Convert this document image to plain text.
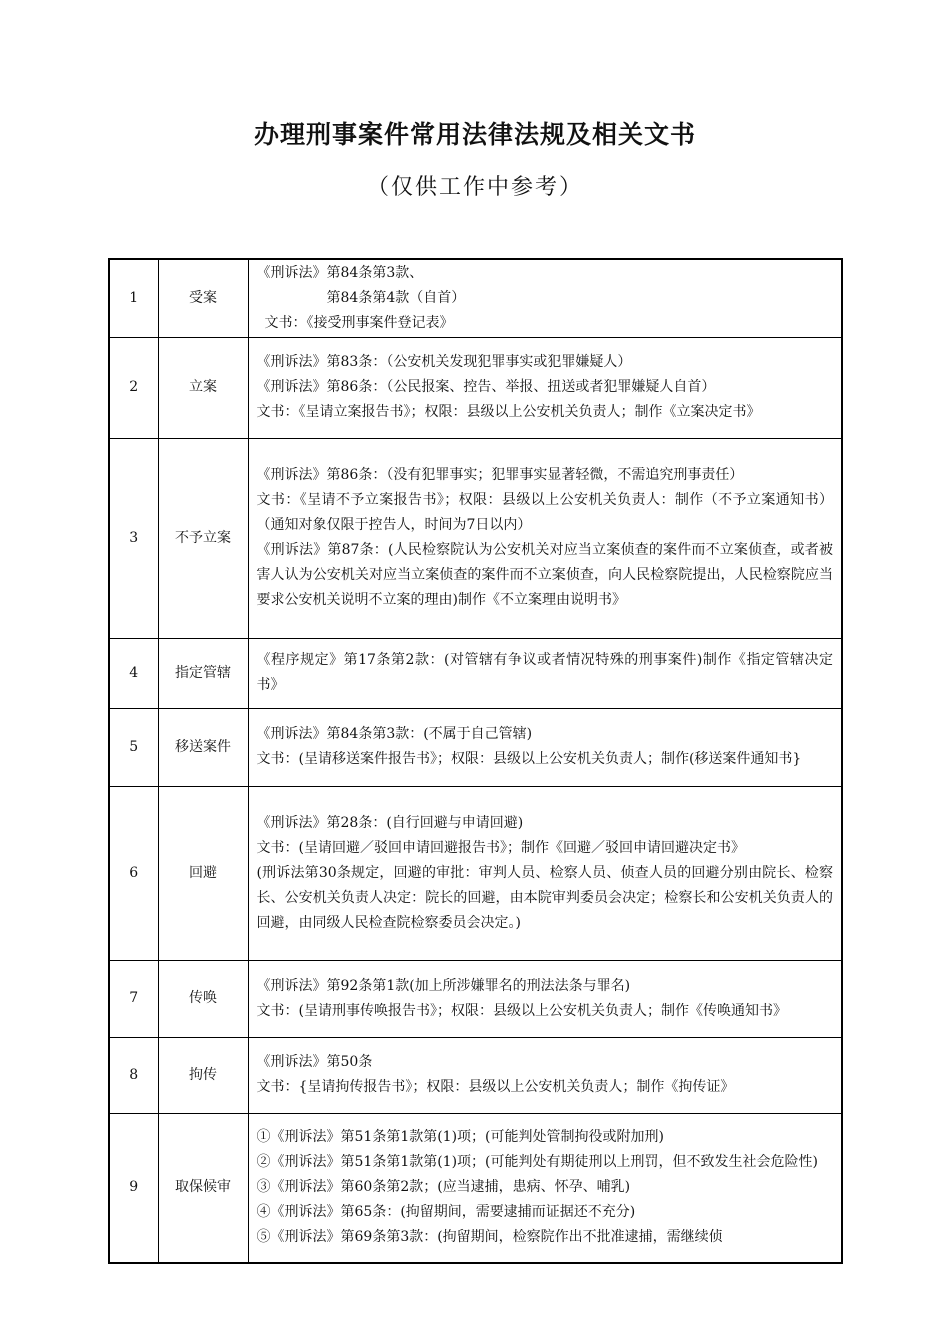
办理刑事案件常用法律法规及相关文书
（仅供工作中参考）
1	受案	《刑诉法》第84条第3款、
第84条第4款（自首）
文书：《接受刑事案件登记表》

2	立案	《刑诉法》第83条：（公安机关发现犯罪事实或犯罪嫌疑人）
《刑诉法》第86条：（公民报案、控告、举报、扭送或者犯罪嫌疑人自首）
文书：《呈请立案报告书》；权限：县级以上公安机关负责人；制作《立案决定书》

3	不予立案	《刑诉法》第86条：（没有犯罪事实；犯罪事实显著轻微，不需追究刑事责任）
文书：《呈请不予立案报告书》；权限：县级以上公安机关负责人：制作（不予立案通知书）（通知对象仅限于控告人，时间为7日以内）
《刑诉法》第87条：(人民检察院认为公安机关对应当立案侦查的案件而不立案侦查，或者被害人认为公安机关对应当立案侦查的案件而不立案侦查，向人民检察院提出，人民检察院应当要求公安机关说明不立案的理由)制作《不立案理由说明书》

4	指定管辖	《程序规定》第17条第2款：(对管辖有争议或者情况特殊的刑事案件)制作《指定管辖决定书》

5	移送案件	《刑诉法》第84条第3款：(不属于自己管辖)
文书：(呈请移送案件报告书》；权限：县级以上公安机关负责人；制作(移送案件通知书}

6	回避	《刑诉法》第28条：(自行回避与申请回避)
文书：(呈请回避／驳回申请回避报告书》；制作《回避／驳回申请回避决定书》
(刑诉法第30条规定，回避的审批：审判人员、检察人员、侦查人员的回避分别由院长、检察长、公安机关负责人决定：院长的回避，由本院审判委员会决定；检察长和公安机关负责人的回避，由同级人民检查院检察委员会决定。)

7	传唤	《刑诉法》第92条第1款(加上所涉嫌罪名的刑法法条与罪名)
文书：(呈请刑事传唤报告书》；权限：县级以上公安机关负责人；制作《传唤通知书》

8	拘传	《刑诉法》第50条
文书：{呈请拘传报告书》；权限：县级以上公安机关负责人；制作《拘传证》

9	取保候审	①《刑诉法》第51条第1款第(1)项；(可能判处管制拘役或附加刑)
②《刑诉法》第51条第1款第(1)项；(可能判处有期徒刑以上刑罚，但不致发生社会危险性)
③《刑诉法》第60条第2款；(应当逮捕，患病、怀孕、哺乳)
④《刑诉法》第65条：(拘留期间，需要逮捕而证据还不充分)
⑤《刑诉法》第69条第3款：(拘留期间，检察院作出不批准逮捕，需继续侦
